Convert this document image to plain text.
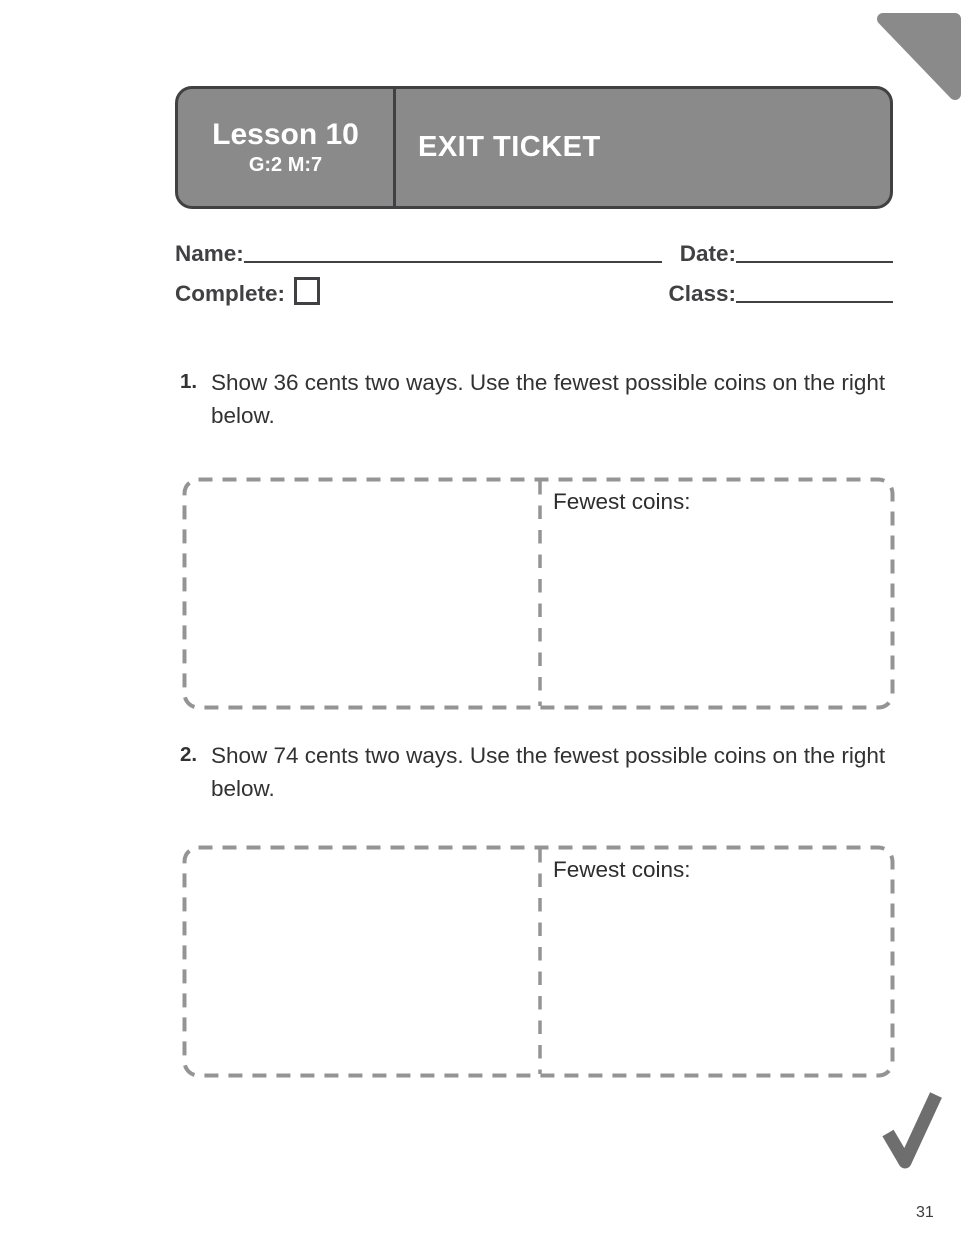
Lesson 10
G:2 M:7
EXIT TICKET
Name:	Date:
Complete:	Class:
1. Show 36 cents two ways. Use the fewest possible coins on the right below.
Fewest coins:
2. Show 74 cents two ways. Use the fewest possible coins on the right below.
Fewest coins:
31
